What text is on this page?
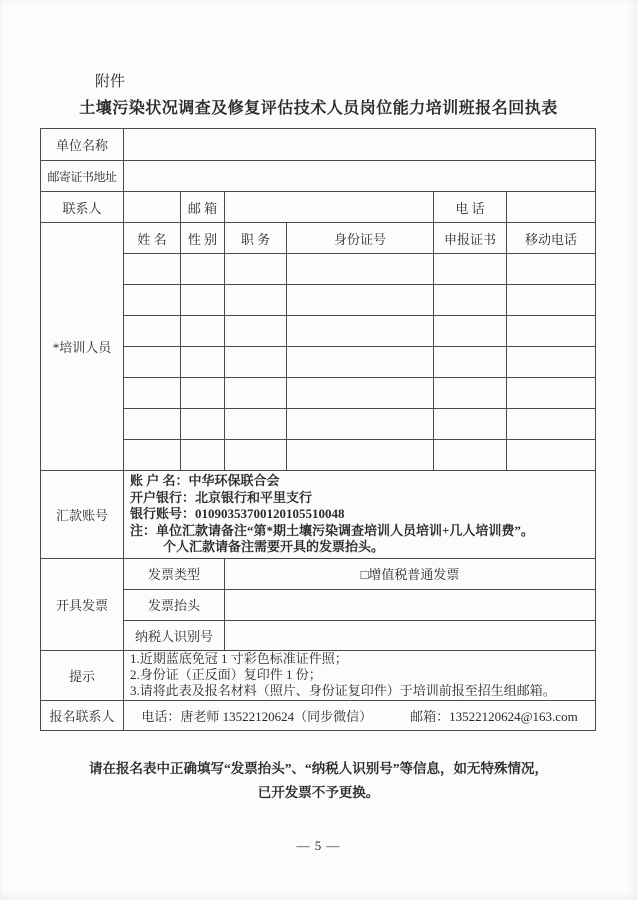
附件
土壤污染状况调查及修复评估技术人员岗位能力培训班报名回执表
单位名称						
邮寄证书地址						
联系人		邮 箱			电 话	
*培训人员	姓 名	性 别	职 务	身份证号	申报证书	移动电话

汇款账号	账 户 名：中华环保联合会
开户银行：北京银行和平里支行
银行账号：01090353700120105510048
注：单位汇款请备注“第*期土壤污染调查培训人员培训+几人培训费”。
个人汇款请备注需要开具的发票抬头。					

开具发票	发票类型		□增值税普通发票			
	发票抬头					
	纳税人识别号					
提示	1.近期蓝底免冠 1 寸彩色标准证件照；
2.身份证（正反面）复印件 1 份；
3.请将此表及报名材料（照片、身份证复印件）于培训前报至招生组邮箱。					

报名联系人	电话：唐老师 13522120624（同步微信） 邮箱：13522120624@163.com					
请在报名表中正确填写“发票抬头”、“纳税人识别号”等信息，如无特殊情况，
已开发票不予更换。
— 5 —
